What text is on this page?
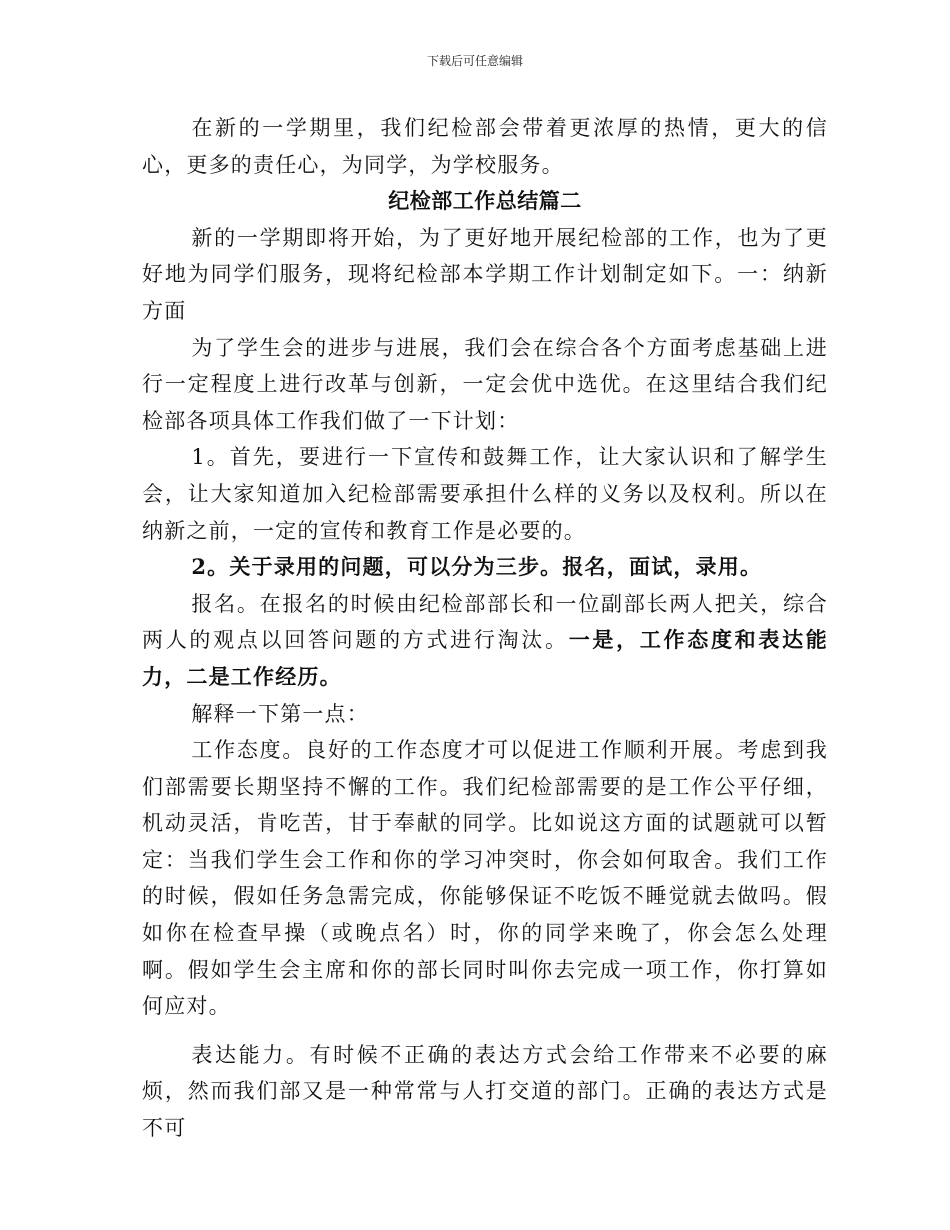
下载后可任意编辑

在新的一学期里，我们纪检部会带着更浓厚的热情，更大的信心，更多的责任心，为同学，为学校服务。

纪检部工作总结篇二

新的一学期即将开始，为了更好地开展纪检部的工作，也为了更好地为同学们服务，现将纪检部本学期工作计划制定如下。一：纳新方面

为了学生会的进步与进展，我们会在综合各个方面考虑基础上进行一定程度上进行改革与创新，一定会优中选优。在这里结合我们纪检部各项具体工作我们做了一下计划：

1。首先，要进行一下宣传和鼓舞工作，让大家认识和了解学生会，让大家知道加入纪检部需要承担什么样的义务以及权利。所以在纳新之前，一定的宣传和教育工作是必要的。

2。关于录用的问题，可以分为三步。报名，面试，录用。

报名。在报名的时候由纪检部部长和一位副部长两人把关，综合两人的观点以回答问题的方式进行淘汰。一是，工作态度和表达能力，二是工作经历。

解释一下第一点：

工作态度。良好的工作态度才可以促进工作顺利开展。考虑到我们部需要长期坚持不懈的工作。我们纪检部需要的是工作公平仔细，机动灵活，肯吃苦，甘于奉献的同学。比如说这方面的试题就可以暂定：当我们学生会工作和你的学习冲突时，你会如何取舍。我们工作的时候，假如任务急需完成，你能够保证不吃饭不睡觉就去做吗。假如你在检查早操（或晚点名）时，你的同学来晚了，你会怎么处理啊。假如学生会主席和你的部长同时叫你去完成一项工作，你打算如何应对。

表达能力。有时候不正确的表达方式会给工作带来不必要的麻烦，然而我们部又是一种常常与人打交道的部门。正确的表达方式是不可
